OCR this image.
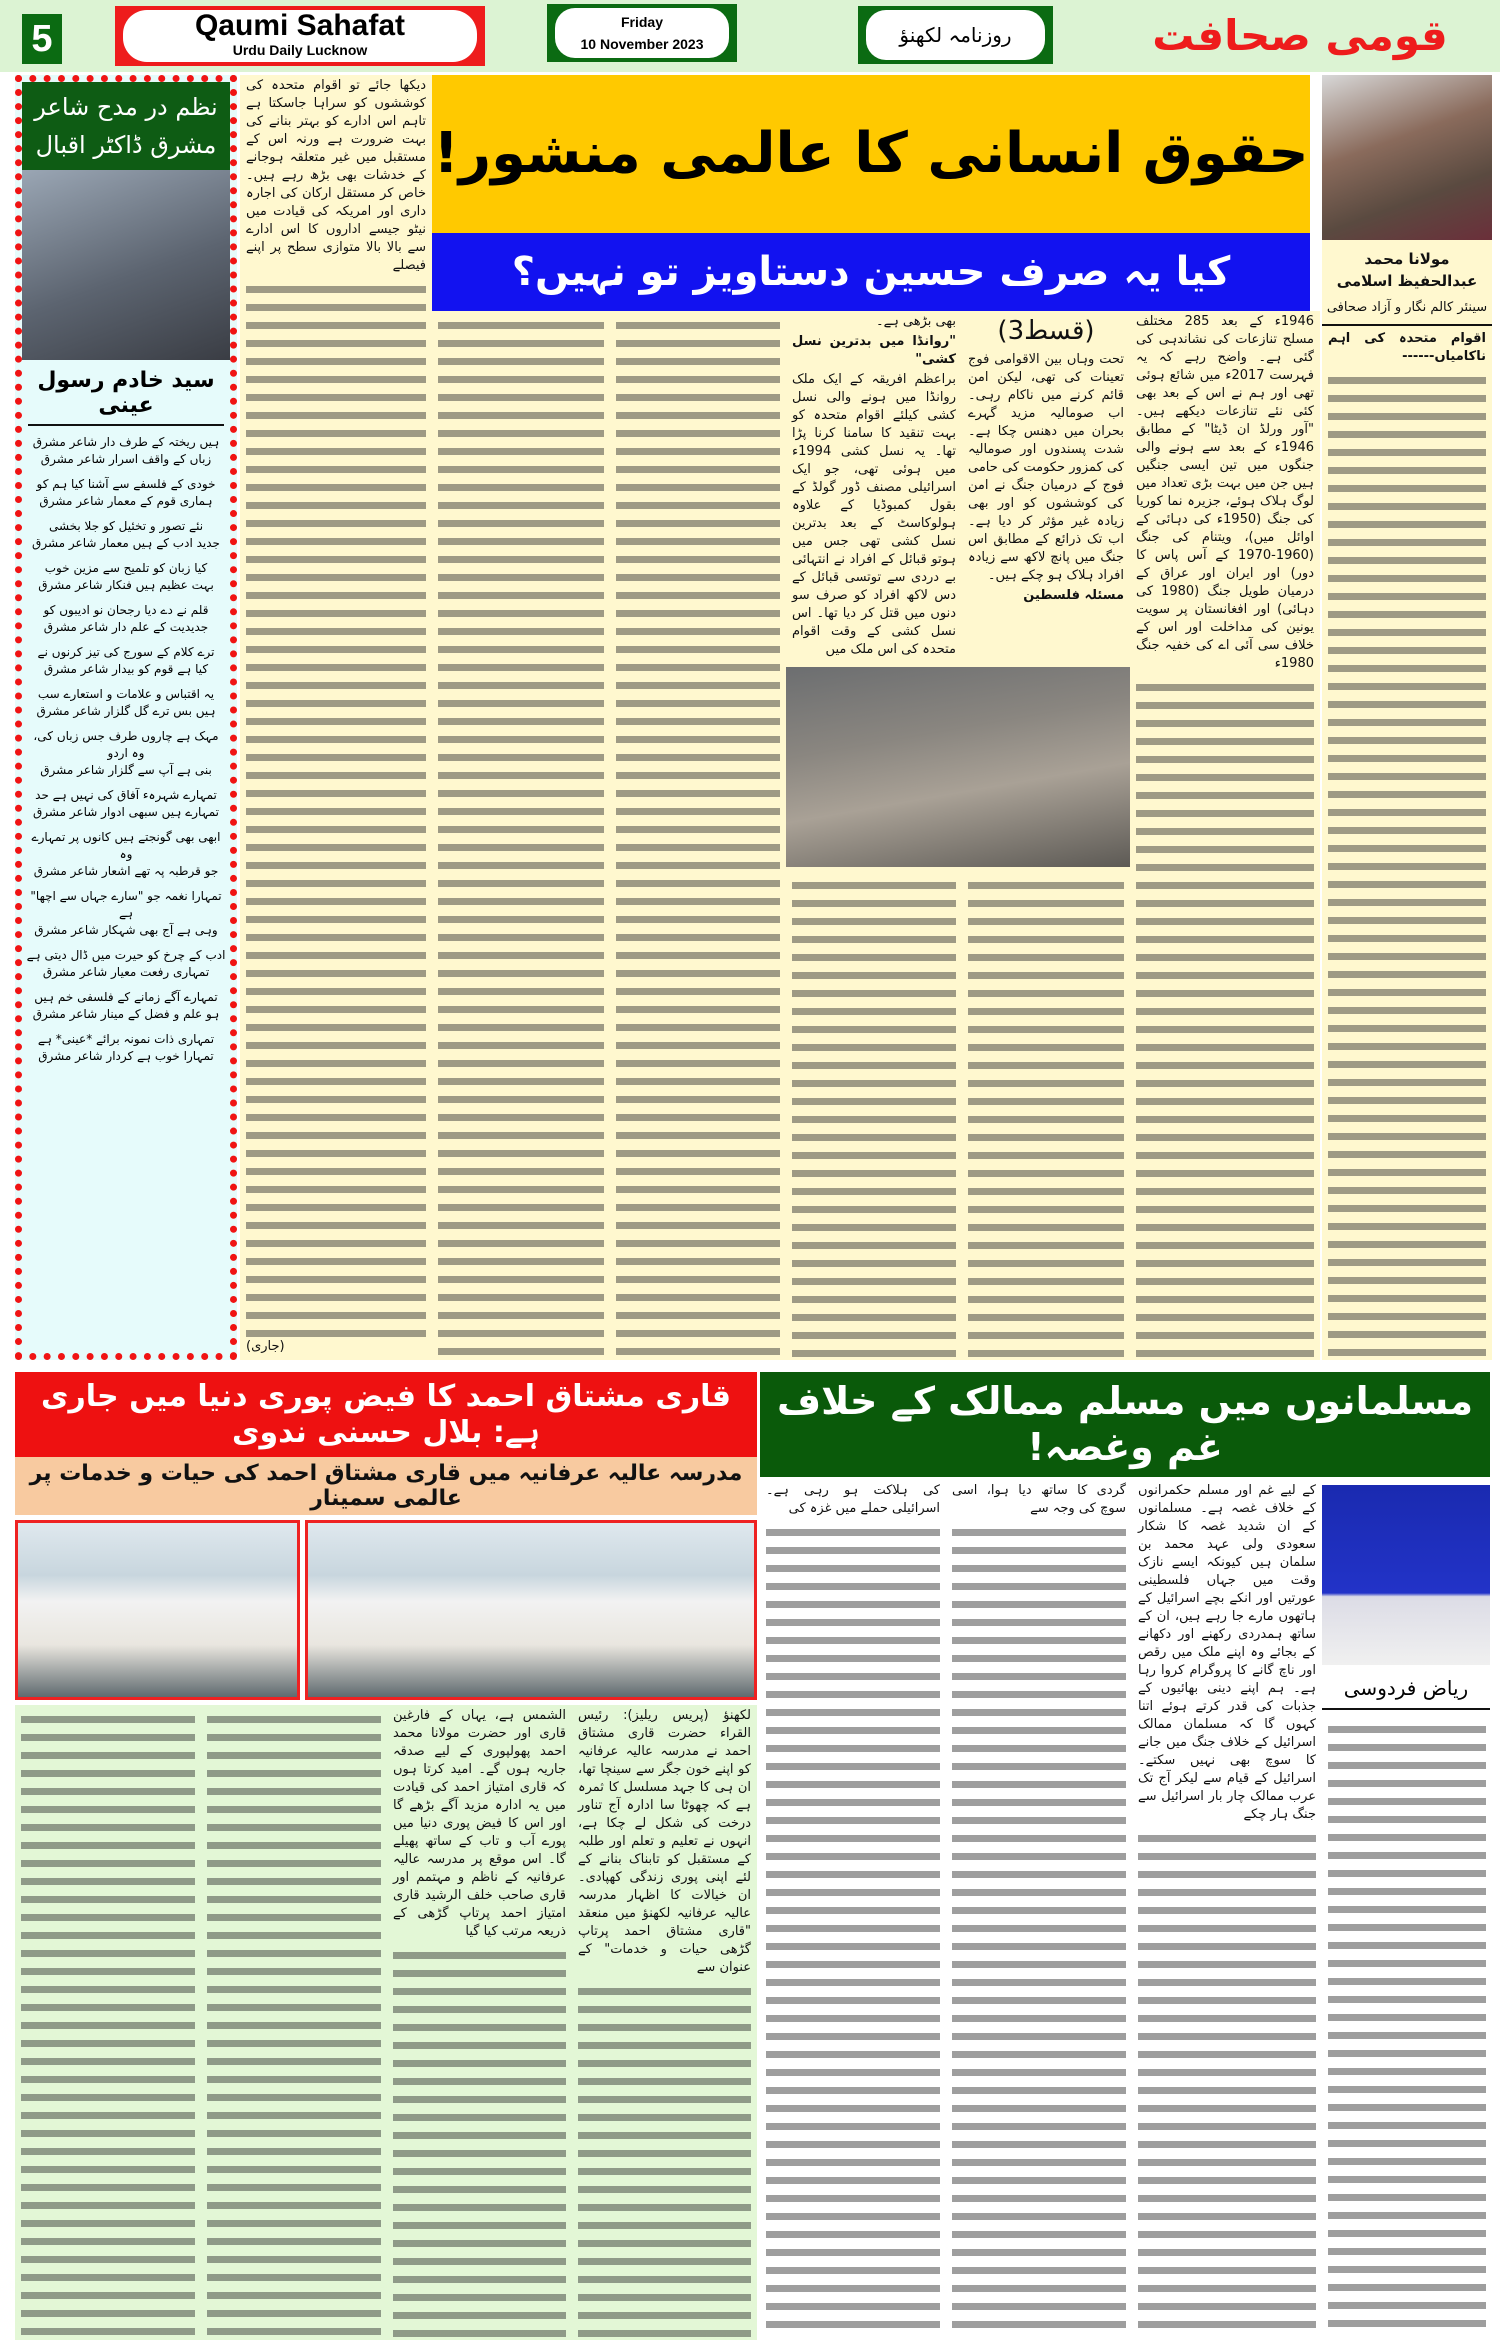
5	Qaumi Sahafat
Urdu Daily Lucknow
Friday
10 November 2023	روزنامہ لکھنؤ	قومی صحافت
نظم در مدح شاعر مشرق ڈاکٹر اقبال
سید خادم رسول عینی
ہیں ریختہ کے طرف دار شاعر مشرق
زباں کے واقف اسرار شاعر مشرق
خودی کے فلسفے سے آشنا کیا ہم کو
ہماری قوم کے معمار شاعر مشرق
نئے تصور و تخئیل کو جلا بخشی
جدید ادب کے ہیں معمار شاعر مشرق
کیا زبان کو تلمیح سے مزین خوب
بہت عظیم ہیں فنکار شاعر مشرق
قلم نے دے دیا رجحان نو ادیبوں کو
جدیدیت کے علم دار شاعر مشرق
ترے کلام کے سورج کی تیز کرنوں نے
کیا ہے قوم کو بیدار شاعر مشرق
یہ اقتباس و علامات و استعارے سب
ہیں بس ترے گل گلزار شاعر مشرق
مہک ہے چاروں طرف جس زباں کی، وہ اردو
بنی ہے آپ سے گلزار شاعر مشرق
تمہارے شہرہء آفاق کی نہیں ہے حد
تمہارے ہیں سبھی ادوار شاعر مشرق
ابھی بھی گونجتے ہیں کانوں پر تمہارے وہ
جو قرطبہ پہ تھے اشعار شاعر مشرق
تمہارا نغمہ جو "سارے جہاں سے اچھا" ہے
وہی ہے آج بھی شہکار شاعر مشرق
ادب کے چرخ کو حیرت میں ڈال دیتی ہے
تمہاری رفعت معیار شاعر مشرق
تمہارے آگے زمانے کے فلسفی خم ہیں
ہو علم و فضل کے مینار شاعر مشرق
تمہاری ذات نمونہ برائے *عینی* ہے
تمہارا خوب ہے کردار شاعر مشرق
حقوق انسانی کا عالمی منشور!
کیا یہ صرف حسین دستاویز تو نہیں؟

دیکھا جائے تو اقوام متحدہ کی کوششوں کو سراہا جاسکتا ہے تاہم اس ادارے کو بہتر بنانے کی بہت ضرورت ہے ورنہ اس کے مستقبل میں غیر متعلقہ ہوجانے کے خدشات بھی بڑھ رہے ہیں۔ خاص کر مستقل ارکان کی اجارہ داری اور امریکہ کی قیادت میں نیٹو جیسے اداروں کا اس ادارے سے بالا بالا متوازی سطح پر اپنے فیصلے

(جاری)

(قسط3)

تحت وہاں بین الاقوامی فوج تعینات کی تھی، لیکن امن قائم کرنے میں ناکام رہی۔ اب صومالیہ مزید گہرے بحران میں دھنس چکا ہے۔ شدت پسندوں اور صومالیہ کی کمزور حکومت کی حامی فوج کے درمیان جنگ نے امن کی کوششوں کو اور بھی زیادہ غیر مؤثر کر دیا ہے۔ اب تک ذرائع کے مطابق اس جنگ میں پانچ لاکھ سے زیادہ افراد ہلاک ہو چکے ہیں۔

مسئلہ فلسطین

بھی بڑھی ہے۔

"روانڈا میں بدترین نسل کشی"

براعظم افریقہ کے ایک ملک روانڈا میں ہونے والی نسل کشی کیلئے اقوام متحدہ کو بہت تنقید کا سامنا کرنا پڑا تھا۔ یہ نسل کشی 1994ء میں ہوئی تھی، جو ایک اسرائیلی مصنف ڈور گولڈ کے بقول کمبوڈیا کے علاوہ ہولوکاسٹ کے بعد بدترین نسل کشی تھی جس میں ہوتو قبائل کے افراد نے انتہائی بے دردی سے توتسی قبائل کے دس لاکھ افراد کو صرف سو دنوں میں قتل کر دیا تھا۔ اس نسل کشی کے وقت اقوام متحدہ کی اس ملک میں

1946ء کے بعد 285 مختلف مسلح تنازعات کی نشاندہی کی گئی ہے۔ واضح رہے کہ یہ فہرست 2017ء میں شائع ہوئی تھی اور ہم نے اس کے بعد بھی کئی نئے تنازعات دیکھے ہیں۔ "آور ورلڈ ان ڈیٹا" کے مطابق 1946ء کے بعد سے ہونے والی جنگوں میں تین ایسی جنگیں ہیں جن میں بہت بڑی تعداد میں لوگ ہلاک ہوئے، جزیرہ نما کوریا کی جنگ (1950ء کی دہائی کے اوائل میں)، ویتنام کی جنگ (1960-1970 کے آس پاس کا دور) اور ایران اور عراق کے درمیان طویل جنگ (1980 کی دہائی) اور افغانستان پر سویت یونین کی مداخلت اور اس کے خلاف سی آئی اے کی خفیہ جنگ 1980ء

مولانا محمد عبدالحفیظ اسلامی
سینئر کالم نگار و آزاد صحافی

اقوام متحدہ کی اہم ناکامیاں------

قاری مشتاق احمد کا فیض پوری دنیا میں جاری ہے: بلال حسنی ندوی
مدرسہ عالیہ عرفانیہ میں قاری مشتاق احمد کی حیات و خدمات پر عالمی سمینار

لکھنؤ (پریس ریلیز): رئیس القراء حضرت قاری مشتاق احمد نے مدرسہ عالیہ عرفانیہ کو اپنے خون جگر سے سینچا تھا، ان ہی کا جہد مسلسل کا ثمرہ ہے کہ چھوٹا سا ادارہ آج تناور درخت کی شکل لے چکا ہے، انہوں نے تعلیم و تعلم اور طلبہ کے مستقبل کو تابناک بنانے کے لئے اپنی پوری زندگی کھپادی۔ ان خیالات کا اظہار مدرسہ عالیہ عرفانیہ لکھنؤ میں منعقد "قاری مشتاق احمد پرتاپ گڑھی حیات و خدمات" کے عنوان سے

الشمس ہے، یہاں کے فارغین قاری اور حضرت مولانا محمد احمد پھولپوری کے لیے صدقہ جاریہ ہوں گے۔ امید کرتا ہوں کہ قاری امتیاز احمد کی قیادت میں یہ ادارہ مزید آگے بڑھے گا اور اس کا فیض پوری دنیا میں پورے آب و تاب کے ساتھ پھیلے گا۔ اس موقع پر مدرسہ عالیہ عرفانیہ کے ناظم و مہتمم اور قاری صاحب خلف الرشید قاری امتیاز احمد پرتاپ گڑھی کے ذریعہ مرتب کیا گیا

مسلمانوں میں مسلم ممالک کے خلاف غم وغصہ!
ریاض فردوسی

کے لیے غم اور مسلم حکمرانوں کے خلاف غصہ ہے۔ مسلمانوں کے ان شدید غصہ کا شکار سعودی ولی عہد محمد بن سلمان ہیں کیونکہ ایسے نازک وقت میں جہاں فلسطینی عورتیں اور انکے بچے اسرائیل کے ہاتھوں مارے جا رہے ہیں، ان کے ساتھ ہمدردی رکھنے اور دکھانے کے بجائے وہ اپنے ملک میں رقص اور ناچ گانے کا پروگرام کروا رہا ہے۔ ہم اپنے دینی بھائیوں کے جذبات کی قدر کرتے ہوئے اتنا کہوں گا کہ مسلمان ممالک اسرائیل کے خلاف جنگ میں جانے کا سوچ بھی نہیں سکتے۔ اسرائیل کے قیام سے لیکر آج تک عرب ممالک چار بار اسرائیل سے جنگ ہار چکے

گردی کا ساتھ دیا ہوا، اسی سوچ کی وجہ سے

کی ہلاکت ہو رہی ہے۔ اسرائیلی حملے میں غزہ کی
